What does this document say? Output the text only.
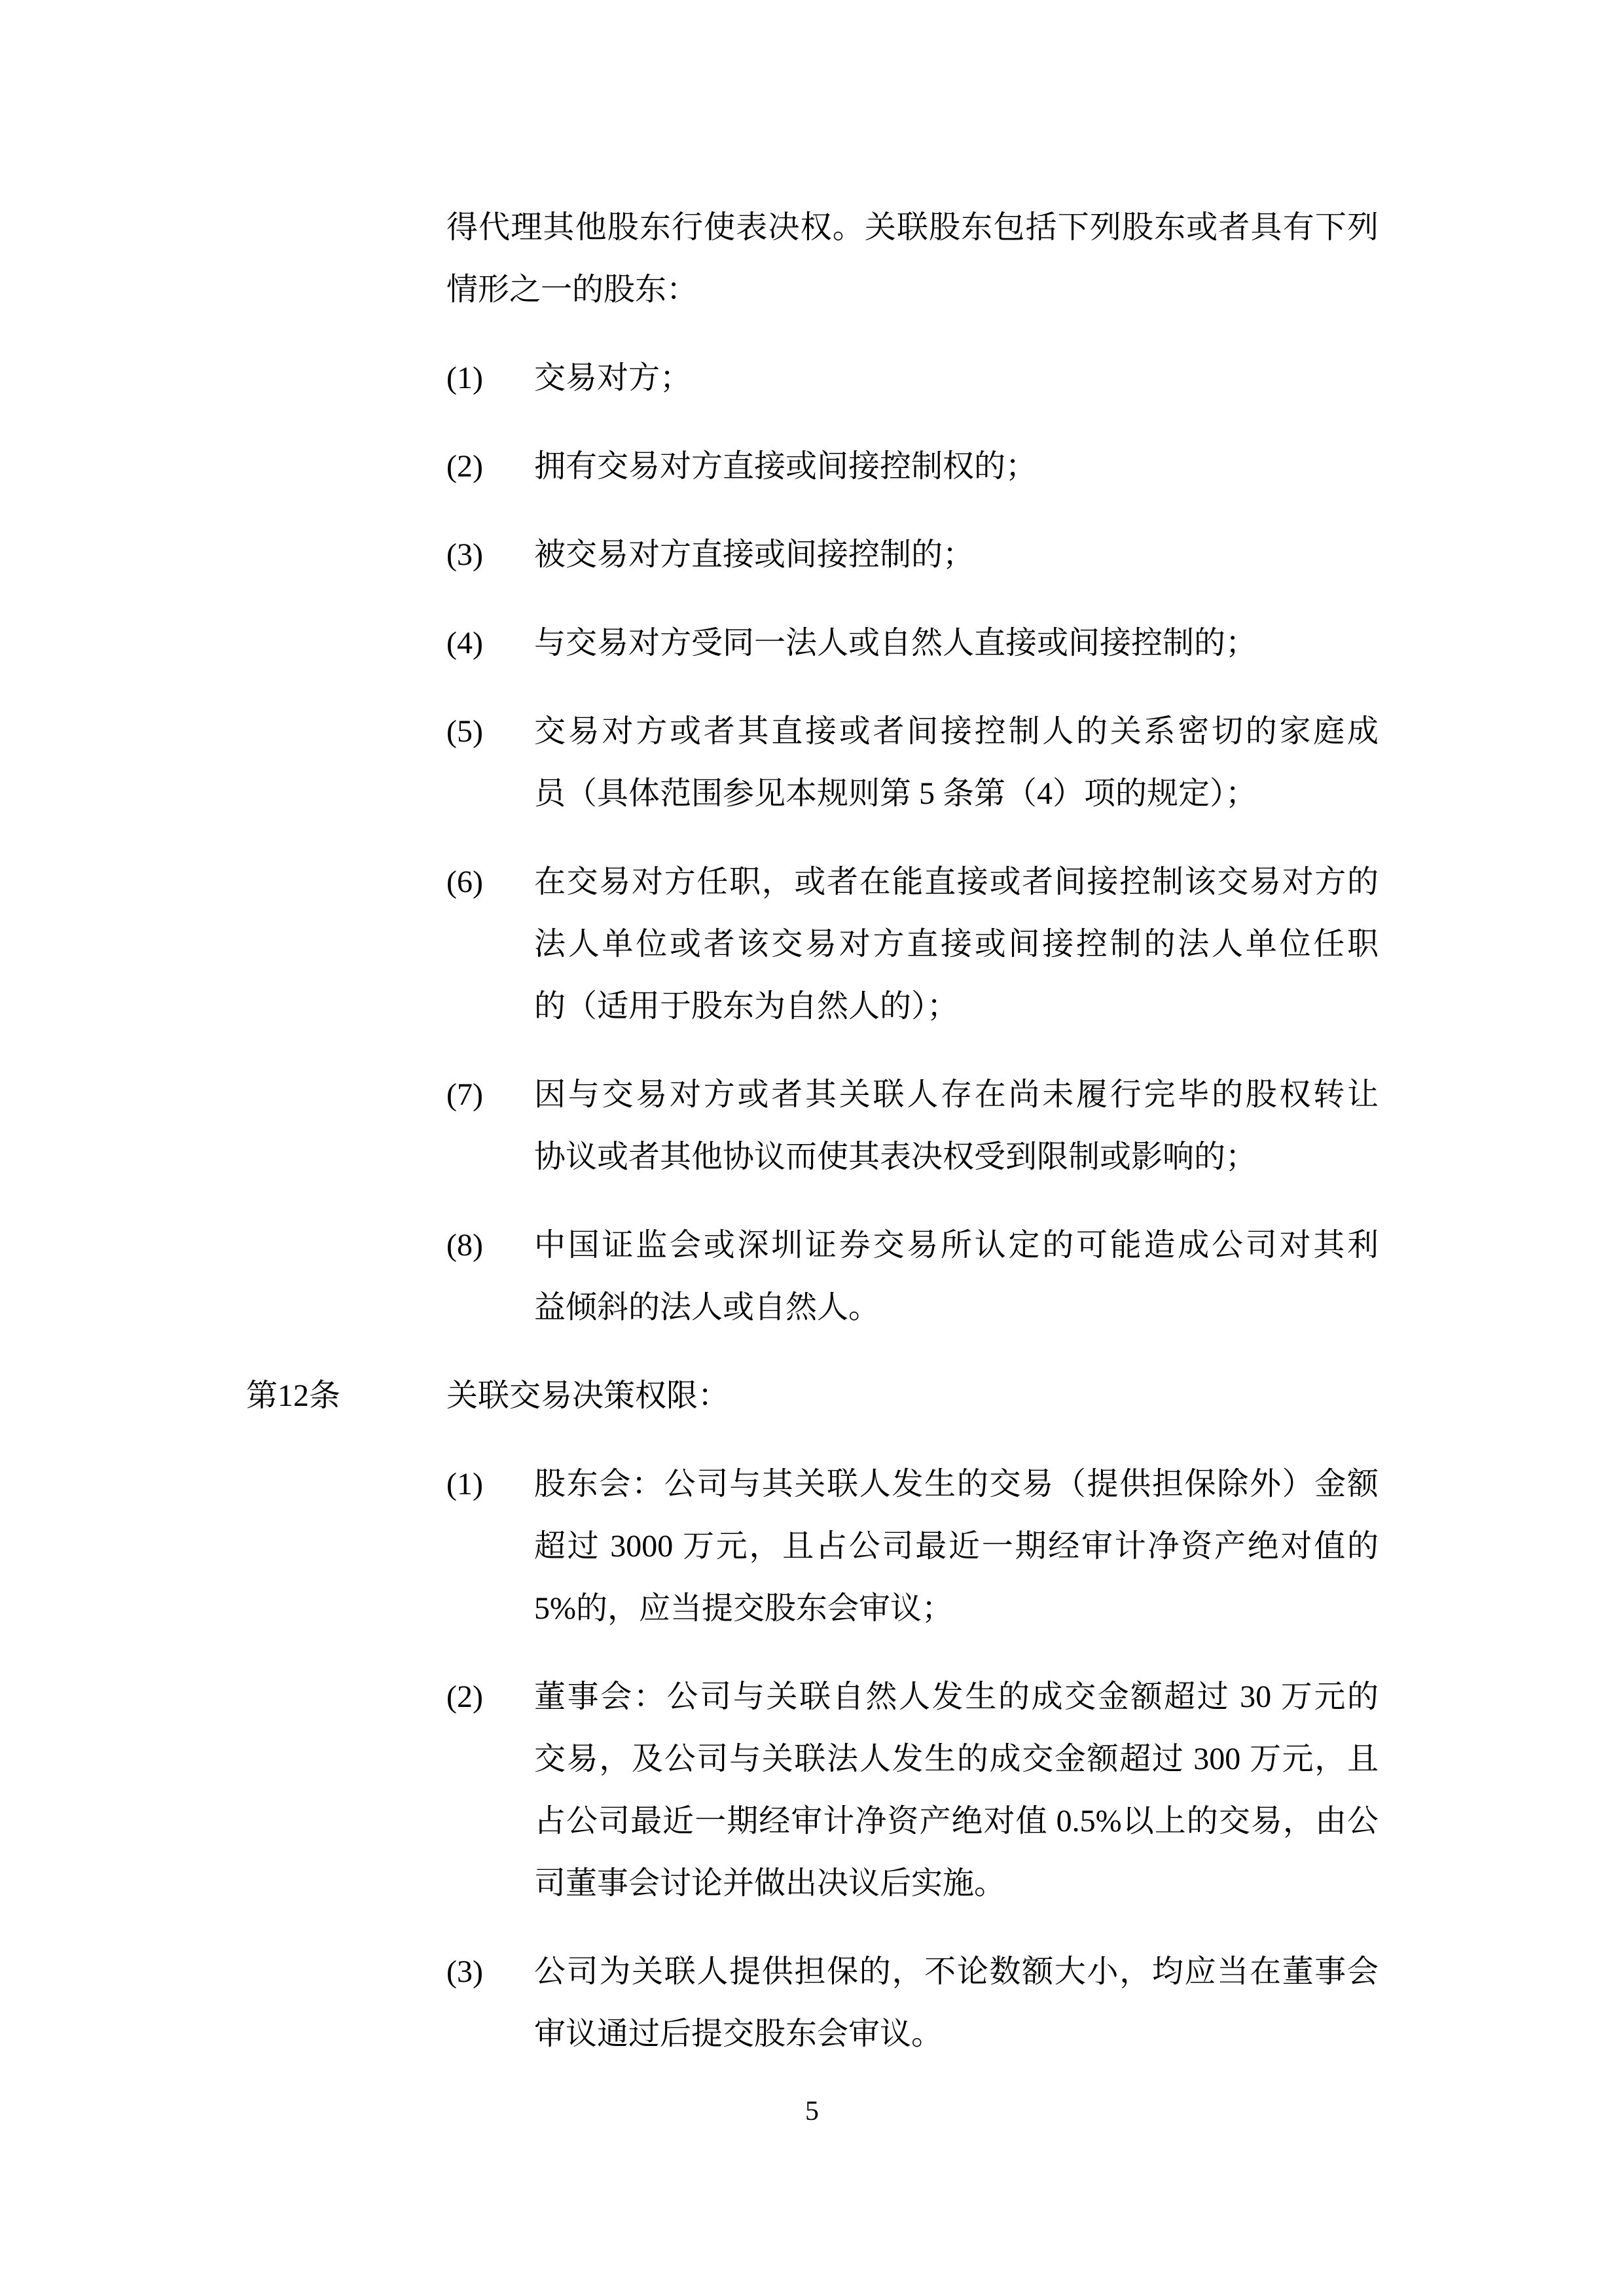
得代理其他股东行使表决权。关联股东包括下列股东或者具有下列
情形之一的股东：
(1)	交易对方；
(2)	拥有交易对方直接或间接控制权的；
(3)	被交易对方直接或间接控制的；
(4)	与交易对方受同一法人或自然人直接或间接控制的；
(5)	交易对方或者其直接或者间接控制人的关系密切的家庭成
员（具体范围参见本规则第 5 条第（4）项的规定）；
(6)	在交易对方任职，或者在能直接或者间接控制该交易对方的
法人单位或者该交易对方直接或间接控制的法人单位任职
的（适用于股东为自然人的）；
(7)	因与交易对方或者其关联人存在尚未履行完毕的股权转让
协议或者其他协议而使其表决权受到限制或影响的；
(8)	中国证监会或深圳证券交易所认定的可能造成公司对其利
益倾斜的法人或自然人。
第12条	关联交易决策权限：
(1)	股东会：公司与其关联人发生的交易（提供担保除外）金额
超过 3000 万元，且占公司最近一期经审计净资产绝对值的
5%的，应当提交股东会审议；
(2)	董事会：公司与关联自然人发生的成交金额超过 30 万元的
交易，及公司与关联法人发生的成交金额超过 300 万元，且
占公司最近一期经审计净资产绝对值 0.5%以上的交易，由公
司董事会讨论并做出决议后实施。
(3)	公司为关联人提供担保的，不论数额大小，均应当在董事会
审议通过后提交股东会审议。
5
